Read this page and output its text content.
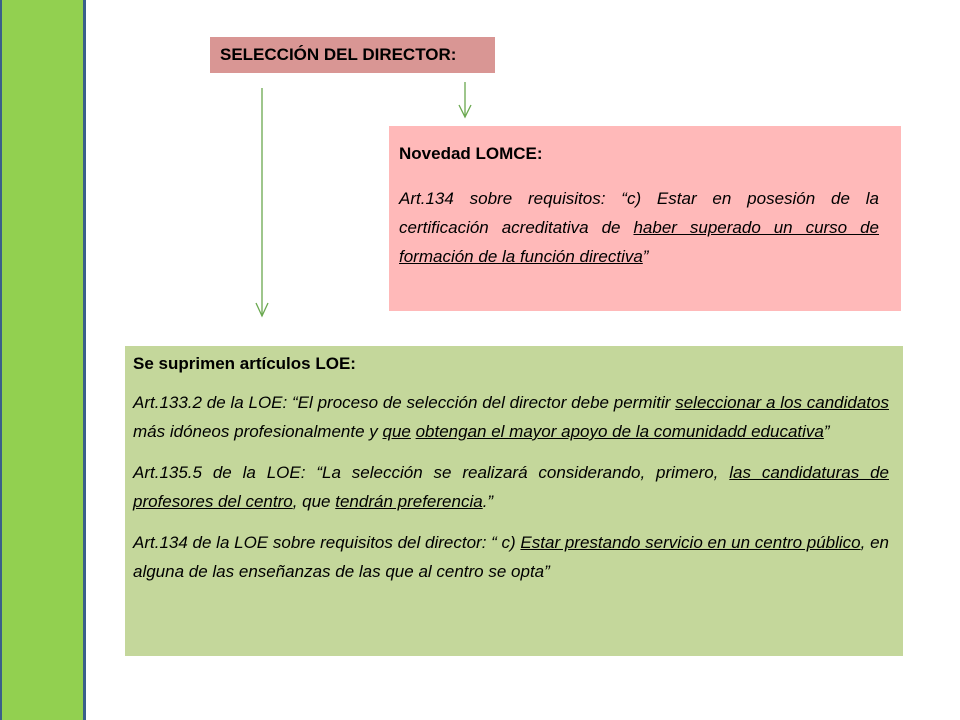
SELECCIÓN DEL DIRECTOR:
Novedad LOMCE:

Art.134 sobre requisitos: “c) Estar en posesión de la certificación acreditativa de haber superado un curso de formación de la función directiva”

Se suprimen artículos LOE:

Art.133.2 de la LOE: “El proceso de selección del director debe permitir seleccionar a los candidatos más idóneos profesionalmente y que obtengan el mayor apoyo de la comunidadd educativa”

Art.135.5 de la LOE: “La selección se realizará considerando, primero, las candidaturas de profesores del centro, que tendrán preferencia.”

Art.134 de la LOE sobre requisitos del director: “ c) Estar prestando servicio en un centro público, en alguna de las enseñanzas de las que al centro se opta”
